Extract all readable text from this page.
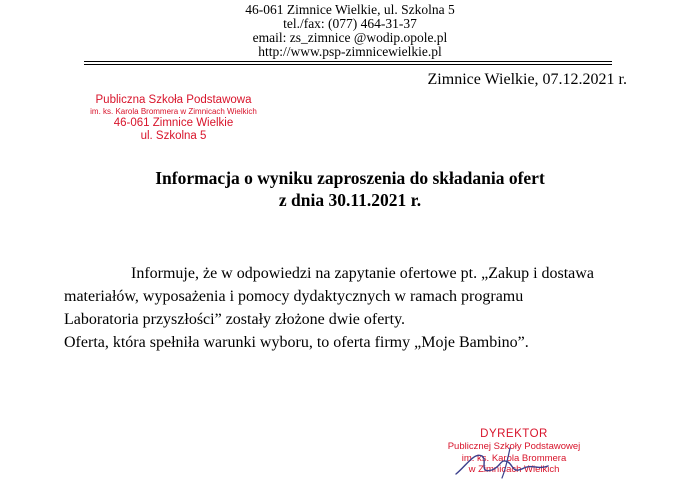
46-061 Zimnice Wielkie, ul. Szkolna 5
tel./fax: (077) 464-31-37
email: zs_zimnice @wodip.opole.pl
http://www.psp-zimnicewielkie.pl
Zimnice Wielkie, 07.12.2021 r.
Publiczna Szkoła Podstawowa
im. ks. Karola Brommera w Zimnicach Wielkich
46-061 Zimnice Wielkie
ul. Szkolna 5
Informacja o wyniku zaproszenia do składania ofert
z dnia 30.11.2021 r.
Informuje, że w odpowiedzi na zapytanie ofertowe pt. „Zakup i dostawa
materiałów, wyposażenia i pomocy dydaktycznych w ramach programu
Laboratoria przyszłości” zostały złożone dwie oferty.
Oferta, która spełniła warunki wyboru, to oferta firmy „Moje Bambino”.
DYREKTOR
Publicznej Szkoły Podstawowej
im. ks. Karola Brommera
w Zimnicach Wielkich
